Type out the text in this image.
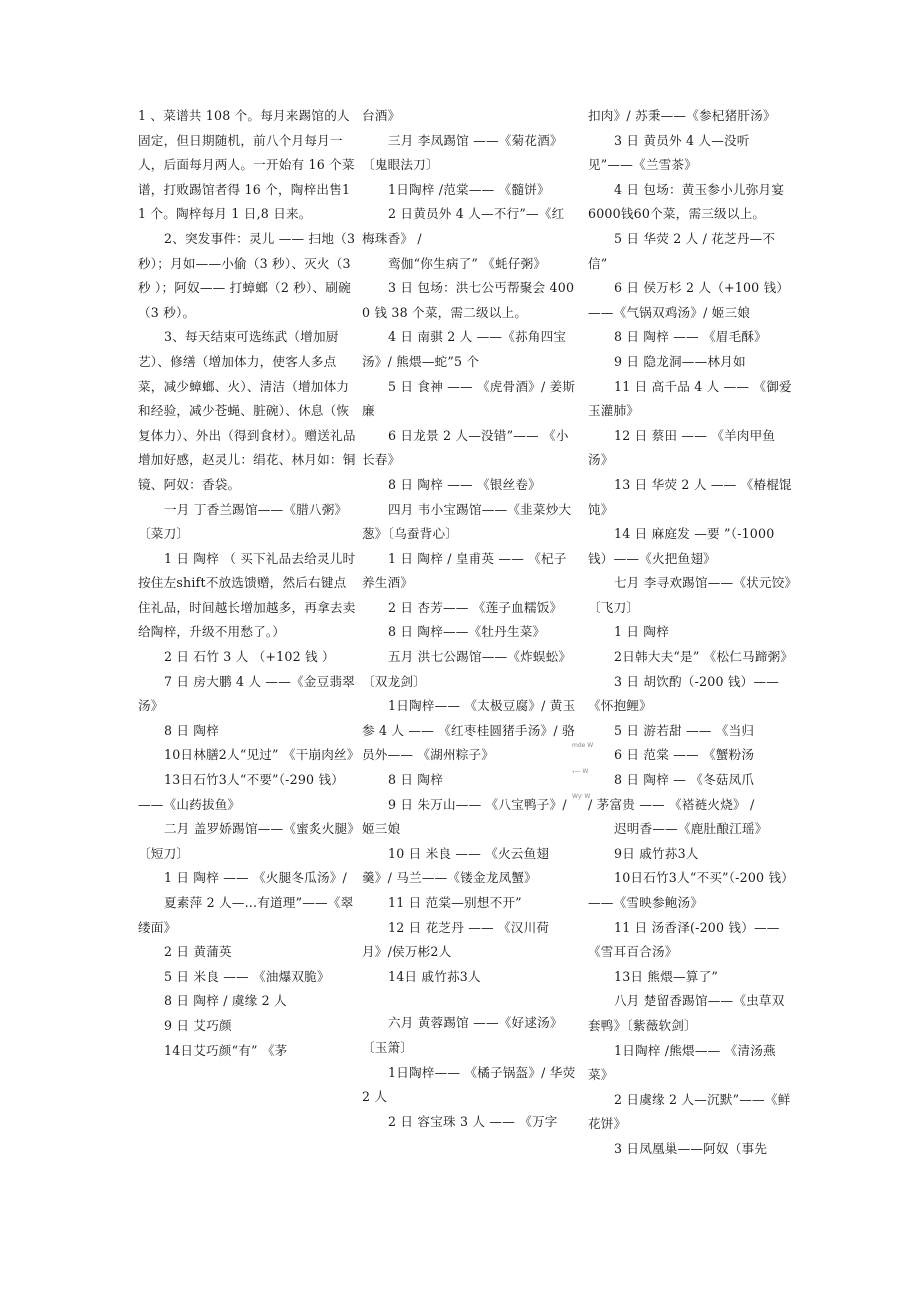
1 、菜谱共 108 个。每月来踢馆的人固定，但日期随机，前八个月每月一人，后面每月两人。一开始有 16 个菜谱，打败踢馆者得 16 个，陶梓出售11 个。陶梓每月 1 日,8 日来。

2、突发事件：灵儿 —— 扫地（3 秒）；月如——小偷（3 秒）、灭火（3 秒 ）；阿奴—— 打蟑螂（2 秒）、刷碗（3 秒）。

3、每天结束可选练武（增加厨艺）、修缮（增加体力，使客人多点菜，减少蟑螂、火）、清洁（增加体力和经验，减少苍蝇、脏碗）、休息（恢复体力）、外出（得到食材）。赠送礼品增加好感，赵灵儿：绢花、林月如：铜镜、阿奴：香袋。

一月 丁香兰踢馆——《腊八粥》〔菜刀〕

1 日 陶梓 （ 买下礼品去给灵儿时按住左shift不放选馈赠，然后右键点住礼品，时间越长增加越多，再拿去卖给陶梓，升级不用愁了。）

2 日 石竹 3 人 （+102 钱 ）

7 日 房大鹏 4 人 ——《金豆翡翠汤》

8 日 陶梓

10日林膳2人“见过” 《干崩肉丝》

13日石竹3人“不要”（-290 钱）——《山药拔鱼》

二月 盖罗娇踢馆——《蜜炙火腿》〔短刀〕

1 日 陶梓 —— 《火腿冬瓜汤》/

夏素萍 2 人—...有道理”——《翠缕面》

2 日 黄蒲英

5 日 米良 —— 《油爆双脆》

8 日 陶梓 / 虞缘 2 人

9 日 艾巧颜

14日艾巧颜“有” 《茅

台酒》

三月 李凤踢馆 ——《菊花酒》〔鬼眼法刀〕

1日陶梓 /范棠—— 《髓饼》

2 日黄员外 4 人—不行”—《红梅珠香》 /

鸾伽“你生病了” 《蚝仔粥》

3 日 包场：洪七公丐帮聚会 4000 钱 38 个菜，需二级以上。

4 日 南骐 2 人 ——《荪角四宝汤》/ 熊煨—蛇”5 个

5 日 食神 —— 《虎骨酒》/ 姜斯廉

6 日龙景 2 人—没错”—— 《小长春》

8 日 陶梓 —— 《银丝卷》

四月 韦小宝踢馆——《韭菜炒大葱》〔乌蚕背心〕

1 日 陶梓 / 皇甫英 —— 《杞子养生酒》

2 日 杏芳—— 《莲子血糯饭》

8 日 陶梓——《牡丹生菜》

五月 洪七公踢馆——《炸蜈蚣》〔双龙剑〕

1日陶梓—— 《太极豆腐》/ 黄玉参 4 人 —— 《红枣桂圆猪手汤》/ 骆员外—— 《湖州粽子》

8 日 陶梓

9 日 朱万山—— 《八宝鸭子》/ 姬三娘

10 日 米良 —— 《火云鱼翅羹》/ 马兰——《镂金龙凤蟹》

11 日 范棠—别想不开”

12 日 花芝丹 —— 《汉川荷月》/侯万彬2人

14日 戚竹荪3人

六月 黄蓉踢馆 ——《好逑汤》〔玉箫〕

1日陶梓—— 《橘子锅盔》/ 华荧 2 人

2 日 容宝珠 3 人 —— 《万字

扣肉》/ 苏秉——《参杞猪肝汤》

3 日 黄员外 4 人—没听见”——《兰雪茶》

4 日 包场：黄玉参小儿弥月宴6000钱60个菜，需三级以上。

5 日 华荧 2 人 / 花芝丹—不信”

6 日 侯万杉 2 人（+100 钱）——《气锅双鸡汤》/ 姬三娘

8 日 陶梓 —— 《眉毛酥》

9 日 隐龙洞——林月如

11 日 高千品 4 人 —— 《御爱玉灌肺》

12 日 蔡田 —— 《羊肉甲鱼汤》

13 日 华荧 2 人 —— 《椿棍馄饨》

14 日 麻庭发 —要 ”（-1000 钱）——《火把鱼翅》

七月 李寻欢踢馆——《状元饺》〔飞刀〕

1 日 陶梓

2日韩大夫“是” 《松仁马蹄粥》

3 日 胡饮酌（-200 钱）——《怀抱鲤》

5 日 游若甜 —— 《当归

6 日 范棠 —— 《蟹粉汤

8 日 陶梓 — 《冬菇凤爪

/ 茅富贵 —— 《褡裢火烧》 /

迟明香——《鹿肚酿江瑶》

9日 戚竹荪3人

10日石竹3人“不买”（-200 钱）——《雪映参鲍汤》

11 日 汤香泽(-200 钱）——《雪耳百合汤》

13日 熊煨—算了”

八月 楚留香踢馆——《虫草双套鸭》〔紫薇软剑〕

1日陶梓 /熊煨—— 《清汤燕菜》

2 日虞缘 2 人—沉默”——《鲜花饼》

3 日凤凰巢——阿奴（事先

mde W
𝓇— W
Wyᵎ W
